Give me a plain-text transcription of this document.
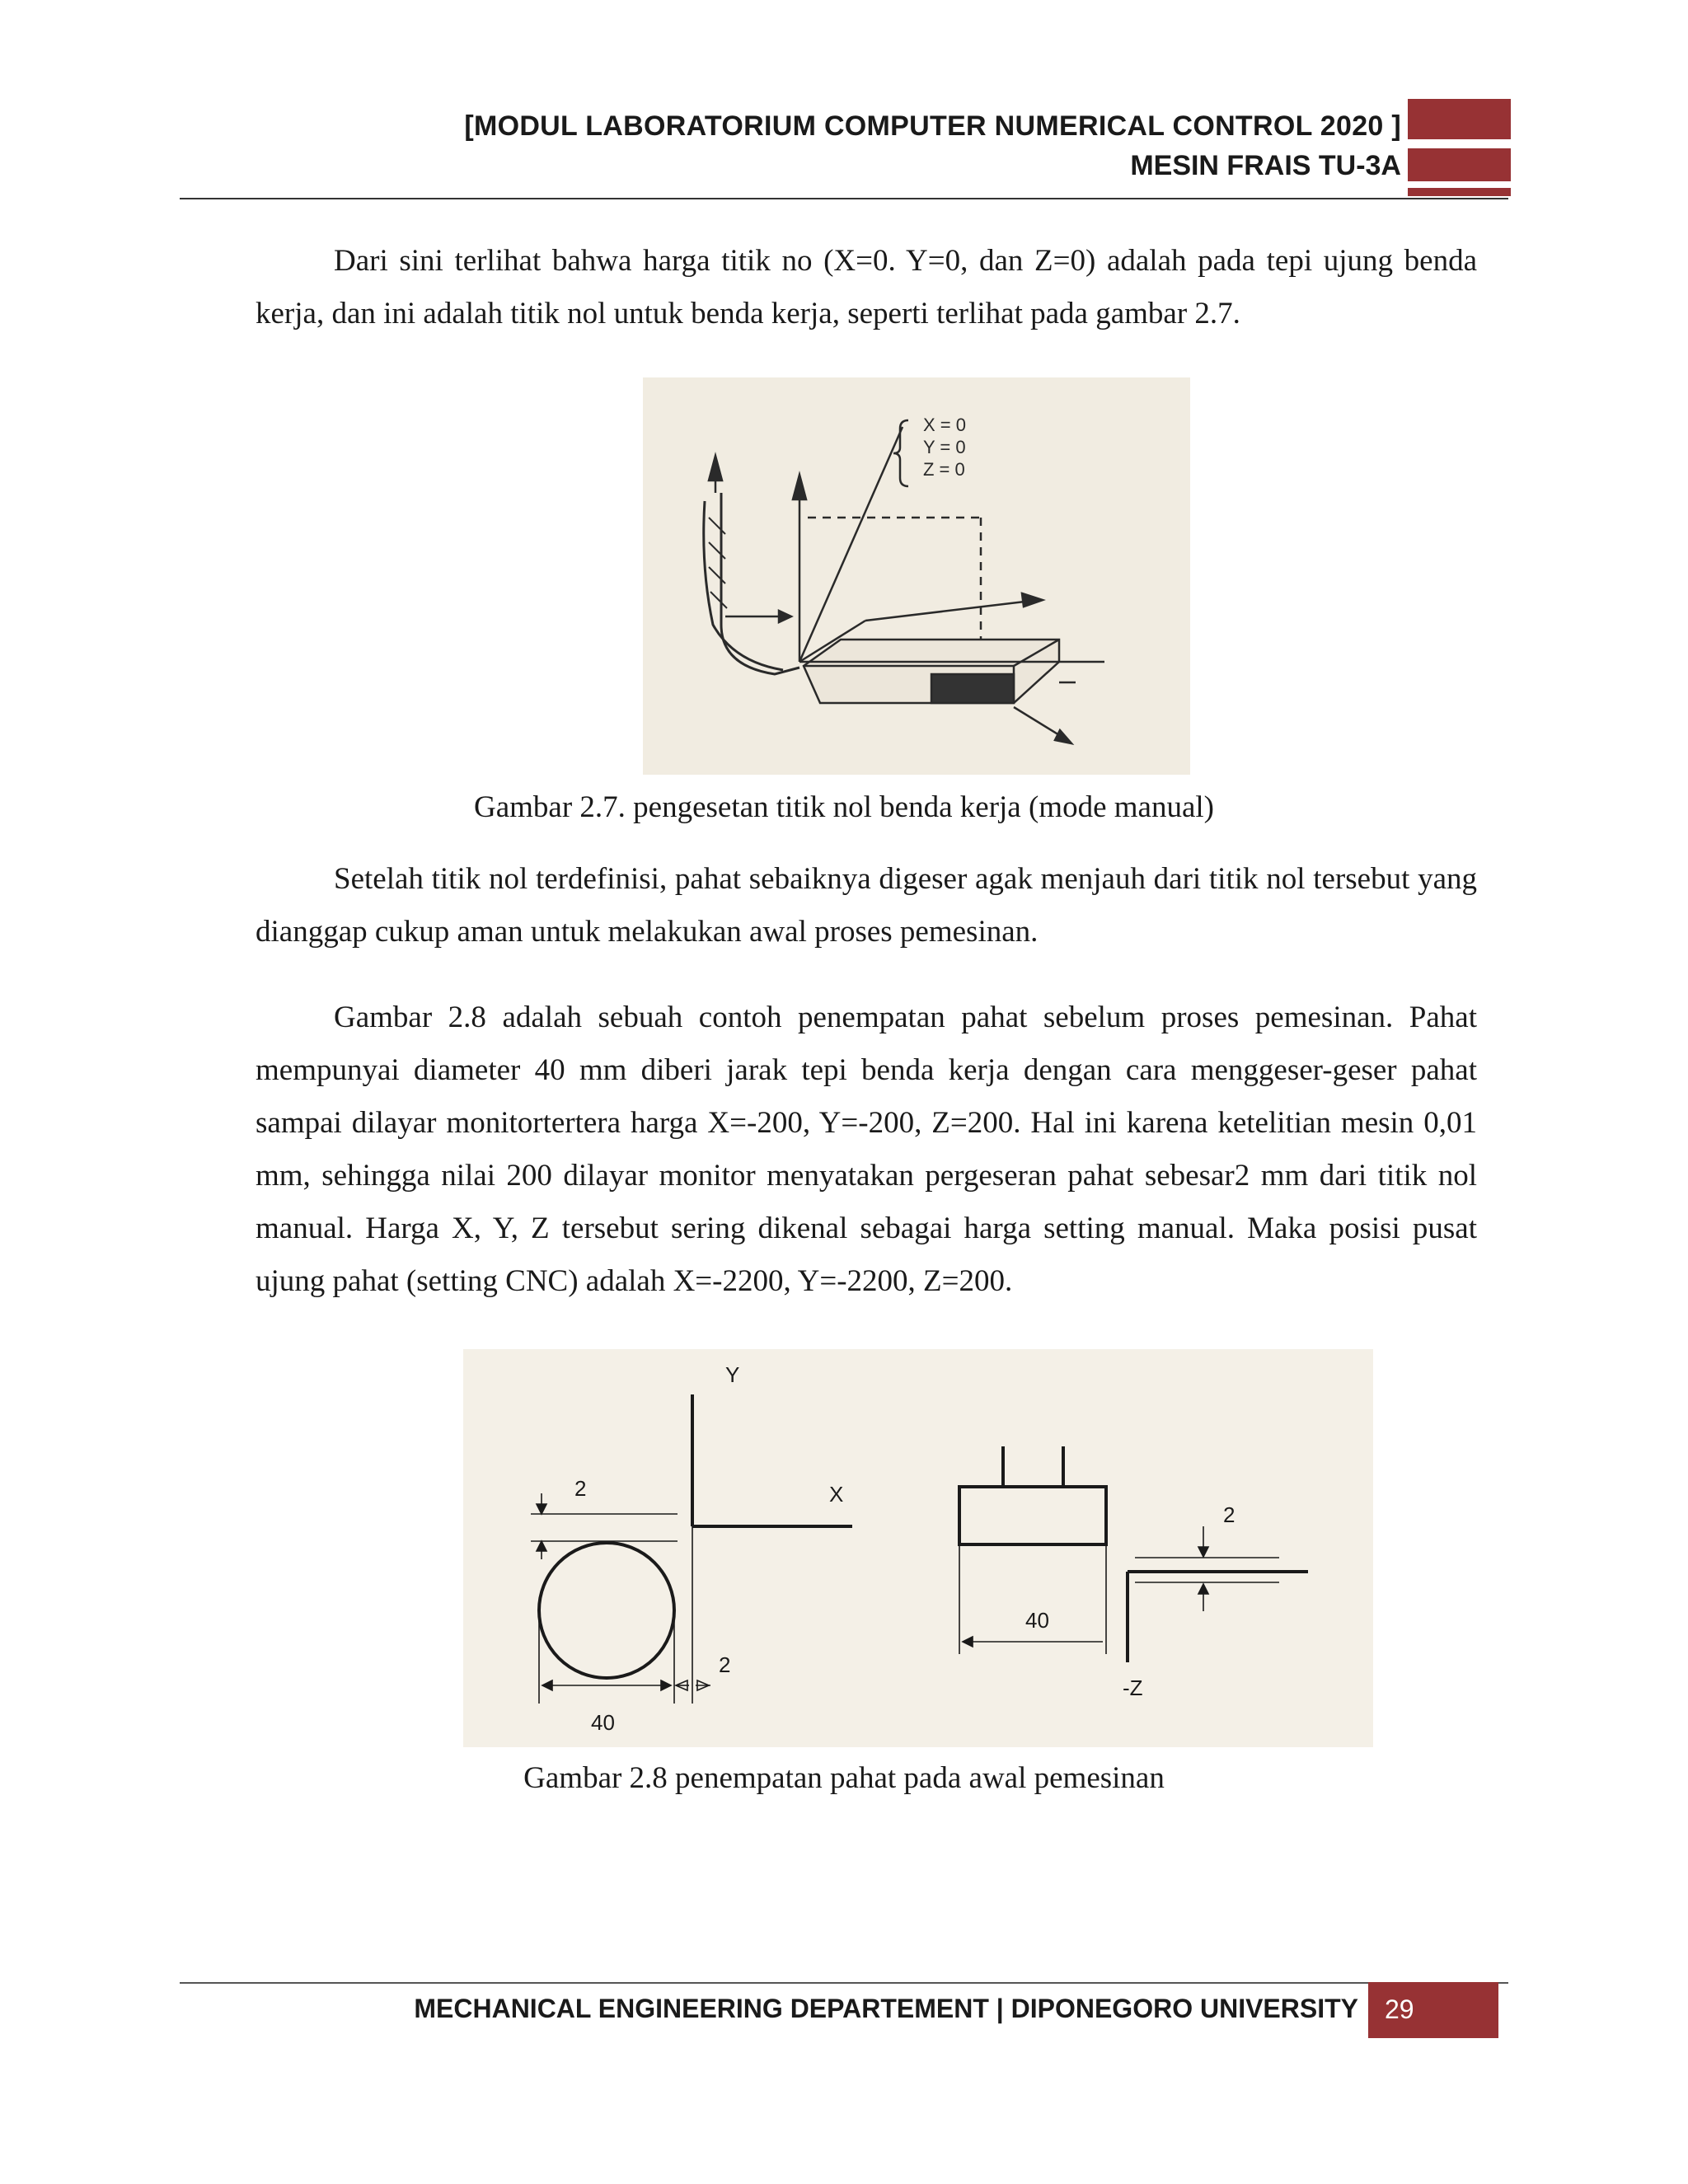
[MODUL LABORATORIUM COMPUTER NUMERICAL CONTROL 2020 ]
MESIN FRAIS TU-3A
Dari sini terlihat bahwa harga titik no (X=0. Y=0, dan Z=0) adalah pada tepi ujung benda kerja, dan ini adalah titik nol untuk benda kerja, seperti terlihat pada gambar 2.7.
X = 0
Y = 0
Z = 0
Gambar 2.7. pengesetan titik nol benda kerja (mode manual)
Setelah titik nol terdefinisi, pahat sebaiknya digeser agak menjauh dari titik nol tersebut yang dianggap cukup aman untuk melakukan awal proses pemesinan.
Gambar 2.8 adalah sebuah contoh penempatan pahat sebelum proses pemesinan. Pahat mempunyai diameter 40 mm diberi jarak tepi benda kerja dengan cara menggeser-geser pahat sampai dilayar monitortertera harga X=-200, Y=-200, Z=200. Hal ini karena ketelitian mesin 0,01 mm, sehingga nilai 200 dilayar monitor menyatakan pergeseran pahat sebesar2 mm dari titik nol manual. Harga X, Y, Z tersebut sering dikenal sebagai harga setting manual. Maka posisi pusat ujung pahat (setting CNC) adalah X=-2200, Y=-2200, Z=200.
Y
X
2
40
2
40
2
-Z
Gambar 2.8 penempatan pahat pada awal pemesinan
MECHANICAL ENGINEERING DEPARTEMENT | DIPONEGORO UNIVERSITY	29
